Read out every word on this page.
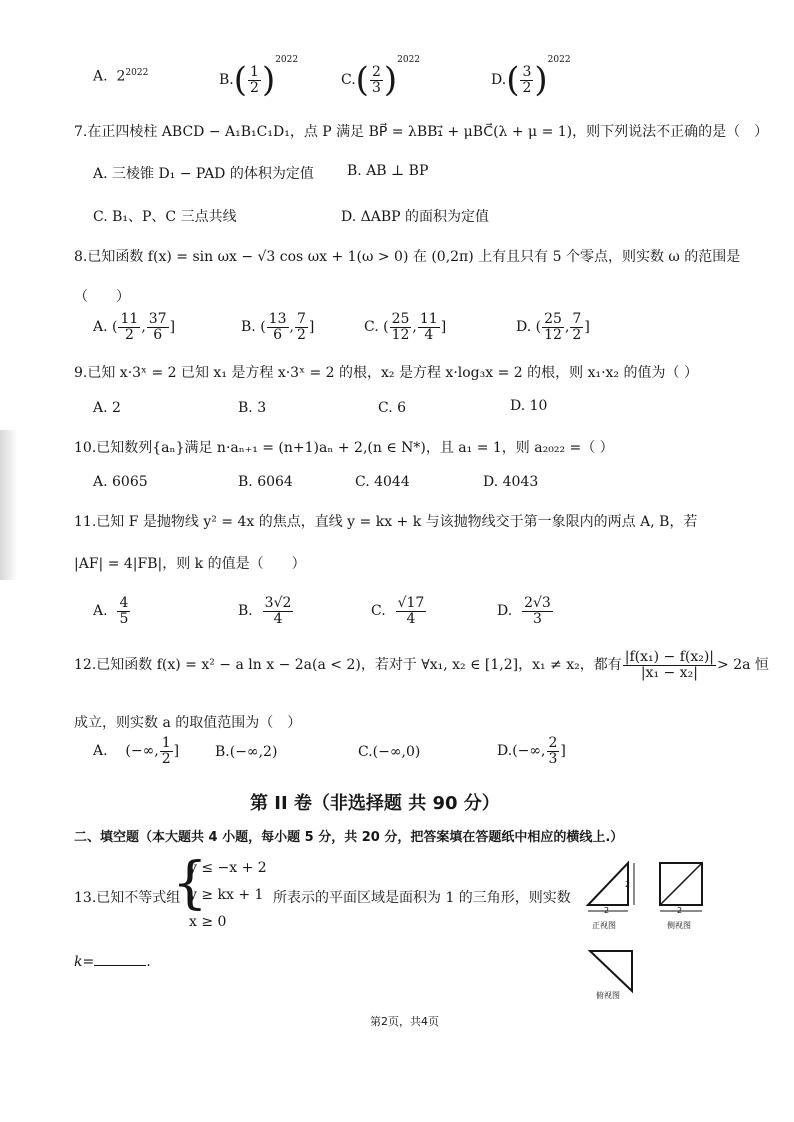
A. $2^{2022}$	$B.( \frac{1}{2} )^{2022}$
$C.( \frac{2}{3} )^{2022}$
$D.( \frac{3}{2} )^{2022}$
7.在正四棱柱 ABCD − A₁B₁C₁D₁，点 P 满足 BP⃗ = λBB₁⃗ + μBC⃗(λ + μ = 1)，则下列说法不正确的是（　）
A. 三棱锥 D₁ − PAD 的体积为定值 B. AB ⊥ BP
C. B₁、P、C 三点共线	D. ΔABP 的面积为定值
8.已知函数 f(x) = sin ωx − √3 cos ωx + 1(ω > 0) 在 (0,2π) 上有且只有 5 个零点，则实数 ω 的范围是
（　　）
A. ( $\frac{11}{2}$ , $\frac{37}{6}$ ]	B. ( $\frac{13}{6}$ , $\frac{7}{2}$ ]	C. ( $\frac{25}{12}$ , $\frac{11}{4}$ ]	D. ( $\frac{25}{12}$ , $\frac{7}{2}$ ]
9.已知 x·3ˣ = 2 已知 x₁ 是方程 x·3ˣ = 2 的根，x₂ 是方程 x·log₃x = 2 的根，则 x₁·x₂ 的值为（ ）
A. 2	B. 3	C. 6	D. 10
10.已知数列{aₙ}满足 n·aₙ₊₁ = (n+1)aₙ + 2,(n ∈ N*)，且 a₁ = 1，则 a₂₀₂₂ =（ ）
A. 6065	B. 6064	C. 4044	D. 4043
11.已知 F 是抛物线 y² = 4x 的焦点，直线 y = kx + k 与该抛物线交于第一象限内的两点 A, B，若
|AF| = 4|FB|，则 k 的值是（　　）
A. $\frac{4}{5}$	B. $\frac{3√2}{4}$	C. $\frac{√17}{4}$	D. $\frac{2√3}{3}$
12.已知函数 f(x) = x² − a ln x − 2a(a < 2)，若对于 ∀x₁, x₂ ∈ [1,2]，x₁ ≠ x₂，都有 $\frac{\text{|f(x₁) − f(x₂)|}}{\text{|x₁ − x₂|}} > 2a$ 恒
成立，则实数 a 的取值范围为（　）
A. (−∞, $\frac{1}{2}$ ]	B.(−∞,2)	C.(−∞,0)	D.(−∞, $\frac{2}{3}$ ]
第 II 卷（非选择题 共 90 分）
二、填空题（本大题共 4 小题，每小题 5 分，共 20 分，把答案填在答题纸中相应的横线上.）
13.已知不等式组
{
y ≤ −x + 2
y ≥ kx + 1
x ≥ 0
所表示的平面区域是面积为 1 的三角形，则实数
k=	.
2
2	2
正视图	侧视图
俯视图
第2页，共4页
